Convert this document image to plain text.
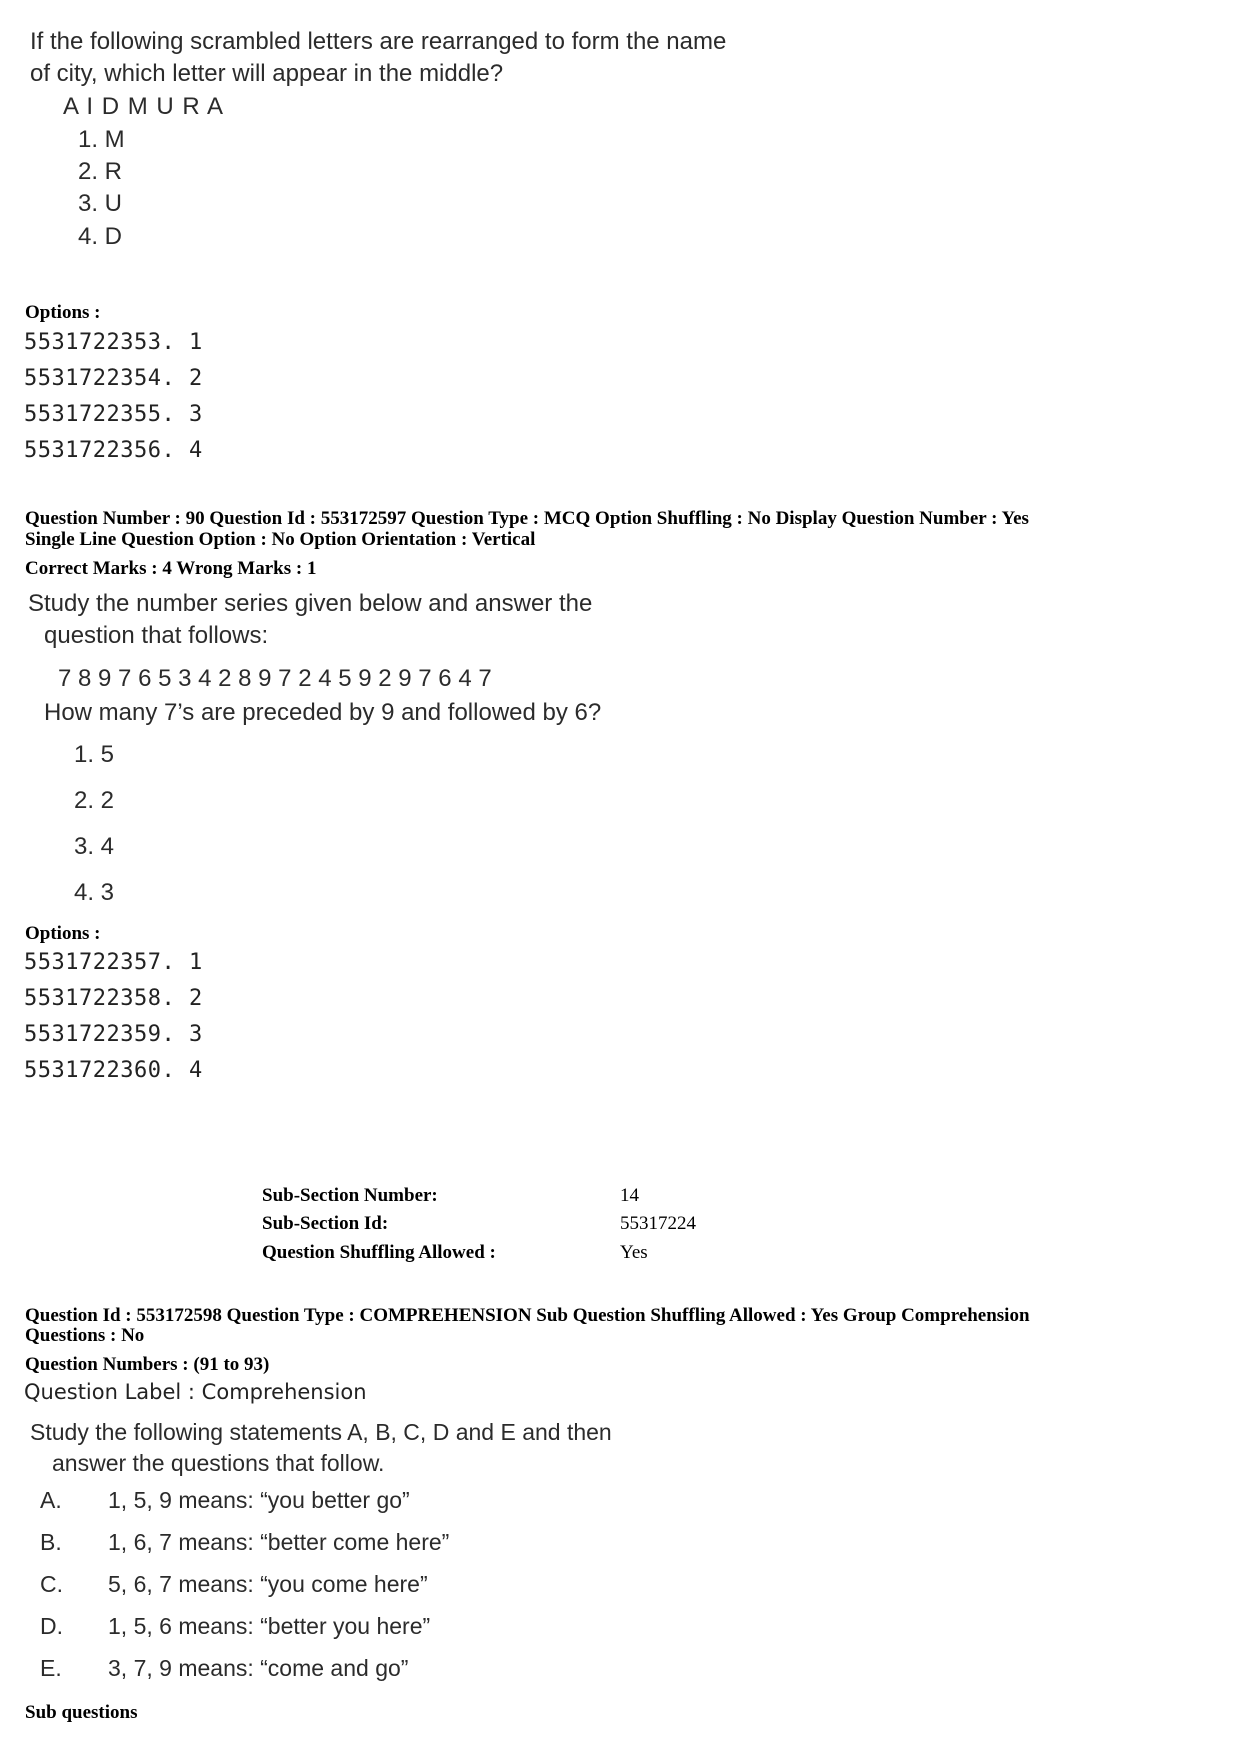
If the following scrambled letters are rearranged to form the name
of city, which letter will appear in the middle?
A I D M U R A
1. M
2. R
3. U
4. D
Options :
5531722353. 1
5531722354. 2
5531722355. 3
5531722356. 4
Question Number : 90 Question Id : 553172597 Question Type : MCQ Option Shuffling : No Display Question Number : Yes
Single Line Question Option : No Option Orientation : Vertical
Correct Marks : 4 Wrong Marks : 1
Study the number series given below and answer the
question that follows:
7 8 9 7 6 5 3 4 2 8 9 7 2 4 5 9 2 9 7 6 4 7
How many 7’s are preceded by 9 and followed by 6?
1. 5
2. 2
3. 4
4. 3
Options :
5531722357. 1
5531722358. 2
5531722359. 3
5531722360. 4
Sub-Section Number:	14
Sub-Section Id:	55317224
Question Shuffling Allowed :	Yes
Question Id : 553172598 Question Type : COMPREHENSION Sub Question Shuffling Allowed : Yes Group Comprehension
Questions : No
Question Numbers : (91 to 93)
Question Label : Comprehension
Study the following statements A, B, C, D and E and then
answer the questions that follow.
A. 1, 5, 9 means: “you better go”
B. 1, 6, 7 means: “better come here”
C. 5, 6, 7 means: “you come here”
D. 1, 5, 6 means: “better you here”
E. 3, 7, 9 means: “come and go”
Sub questions
